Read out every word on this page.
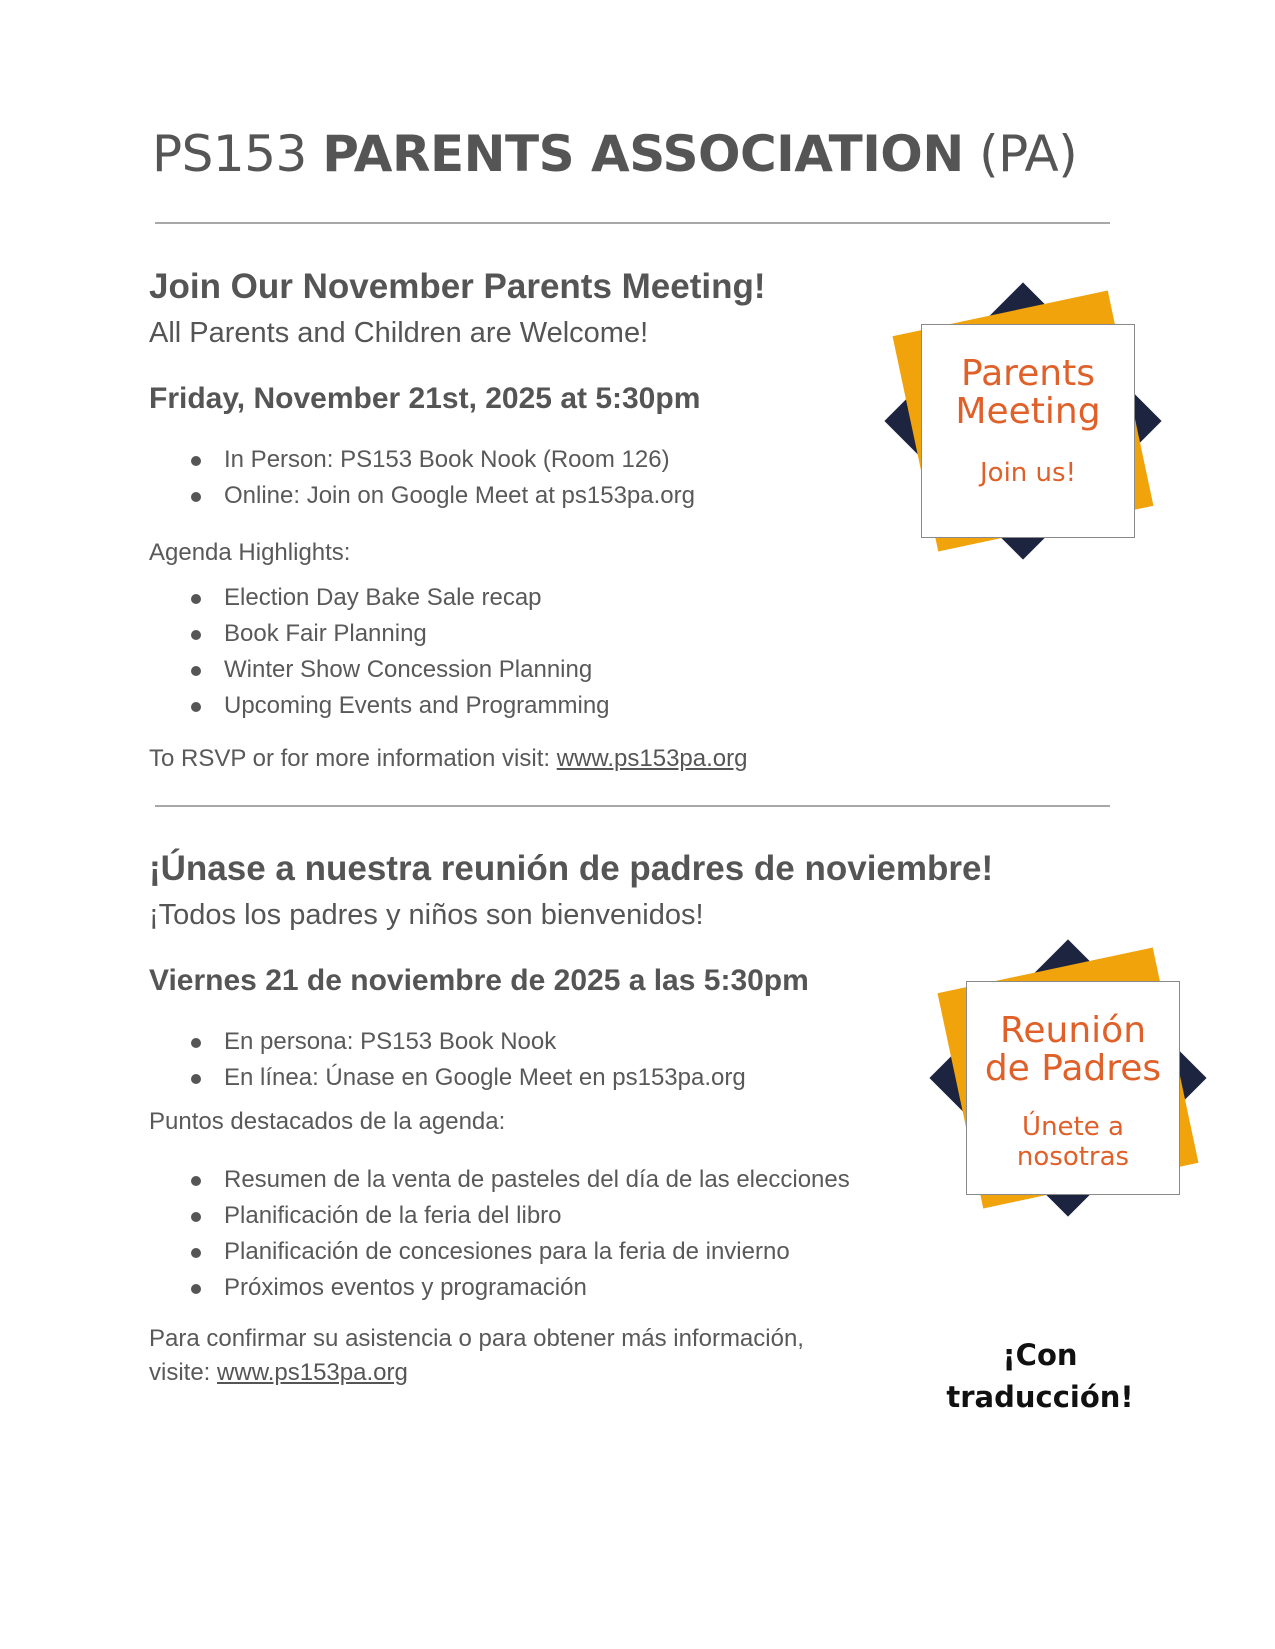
PS153 PARENTS ASSOCIATION (PA)
Join Our November Parents Meeting!
All Parents and Children are Welcome!
Friday, November 21st, 2025 at 5:30pm
In Person: PS153 Book Nook (Room 126)
Online: Join on Google Meet at ps153pa.org
Agenda Highlights:
Election Day Bake Sale recap
Book Fair Planning
Winter Show Concession Planning
Upcoming Events and Programming
To RSVP or for more information visit: www.ps153pa.org
Parents
Meeting
Join us!
¡Únase a nuestra reunión de padres de noviembre!
¡Todos los padres y niños son bienvenidos!
Viernes 21 de noviembre de 2025 a las 5:30pm
En persona: PS153 Book Nook
En línea: Únase en Google Meet en ps153pa.org
Puntos destacados de la agenda:
Resumen de la venta de pasteles del día de las elecciones
Planificación de la feria del libro
Planificación de concesiones para la feria de invierno
Próximos eventos y programación
Para confirmar su asistencia o para obtener más información,
visite: www.ps153pa.org
Reunión
de Padres
Únete a
nosotras
¡Con
traducción!
